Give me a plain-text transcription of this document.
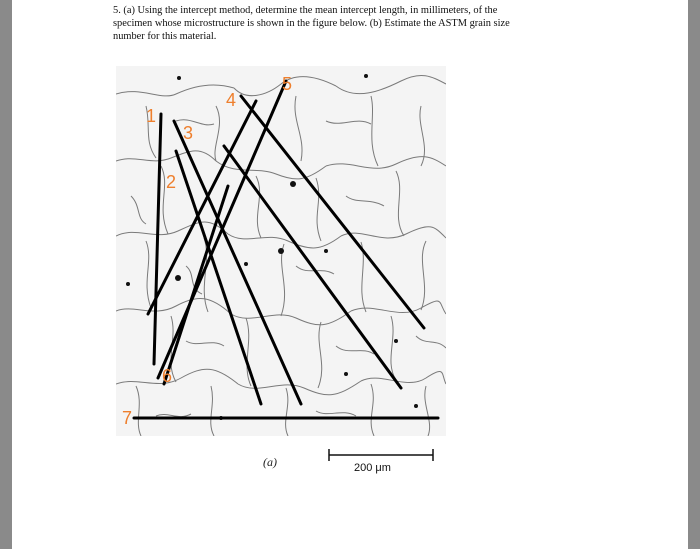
5. (a) Using the intercept method, determine the mean intercept length, in millimeters, of the

specimen whose microstructure is shown in the figure below. (b) Estimate the ASTM grain size

number for this material.

1
2
3
4
5
6
7
(a)	200 μm
